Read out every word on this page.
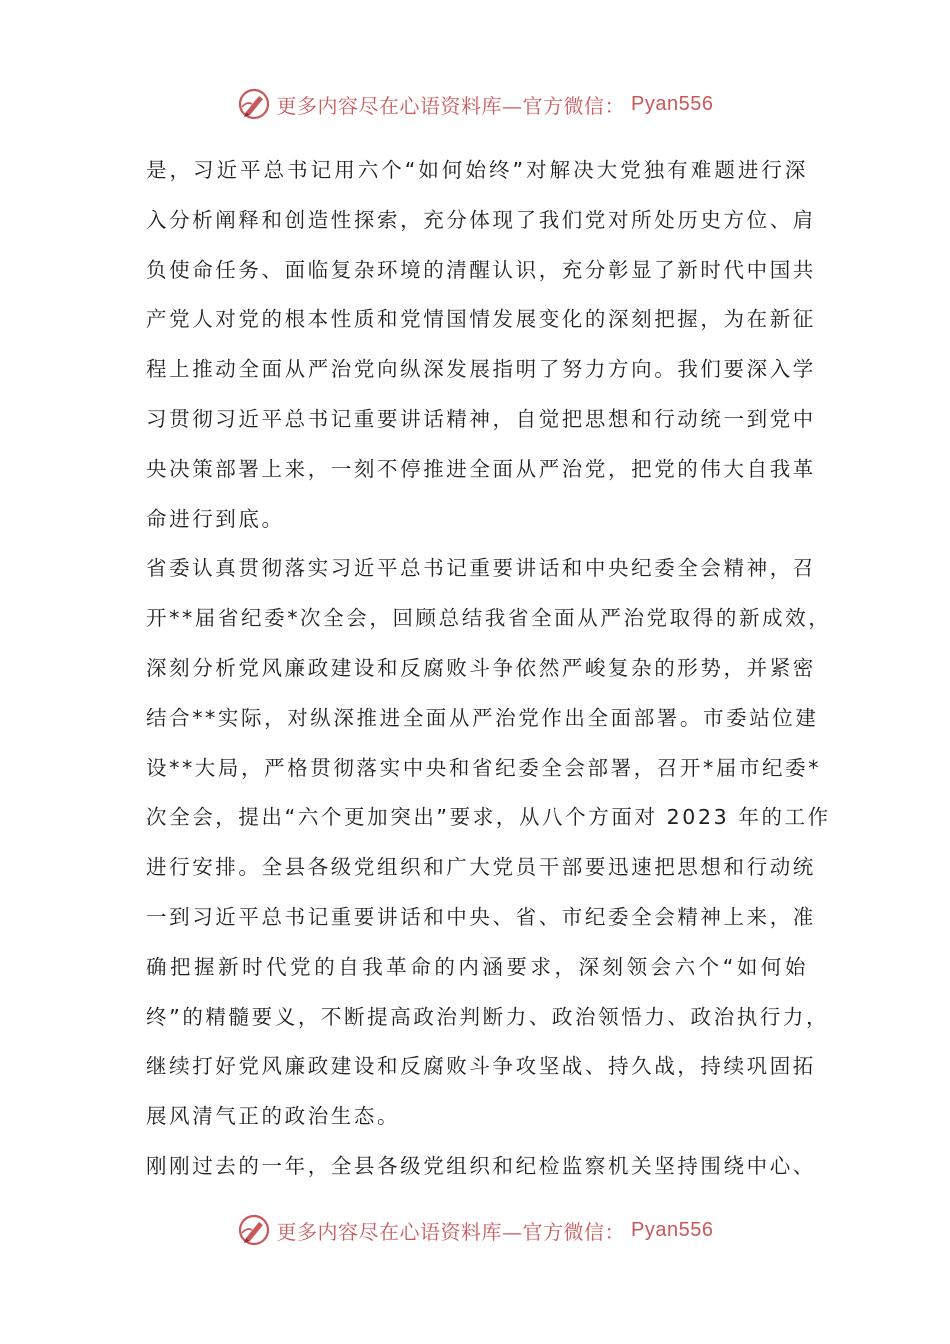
更多内容尽在心语资料库—官方微信： Pyan556

是，习近平总书记用六个“如何始终”对解决大党独有难题进行深
入分析阐释和创造性探索，充分体现了我们党对所处历史方位、肩
负使命任务、面临复杂环境的清醒认识，充分彰显了新时代中国共
产党人对党的根本性质和党情国情发展变化的深刻把握，为在新征
程上推动全面从严治党向纵深发展指明了努力方向。我们要深入学
习贯彻习近平总书记重要讲话精神，自觉把思想和行动统一到党中
央决策部署上来，一刻不停推进全面从严治党，把党的伟大自我革
命进行到底。

省委认真贯彻落实习近平总书记重要讲话和中央纪委全会精神，召
开**届省纪委*次全会，回顾总结我省全面从严治党取得的新成效，
深刻分析党风廉政建设和反腐败斗争依然严峻复杂的形势，并紧密
结合**实际，对纵深推进全面从严治党作出全面部署。市委站位建
设**大局，严格贯彻落实中央和省纪委全会部署，召开*届市纪委*
次全会，提出“六个更加突出”要求，从八个方面对 2023 年的工作
进行安排。全县各级党组织和广大党员干部要迅速把思想和行动统
一到习近平总书记重要讲话和中央、省、市纪委全会精神上来，准
确把握新时代党的自我革命的内涵要求，深刻领会六个“如何始
终”的精髓要义，不断提高政治判断力、政治领悟力、政治执行力，
继续打好党风廉政建设和反腐败斗争攻坚战、持久战，持续巩固拓
展风清气正的政治生态。

刚刚过去的一年，全县各级党组织和纪检监察机关坚持围绕中心、

更多内容尽在心语资料库—官方微信： Pyan556
